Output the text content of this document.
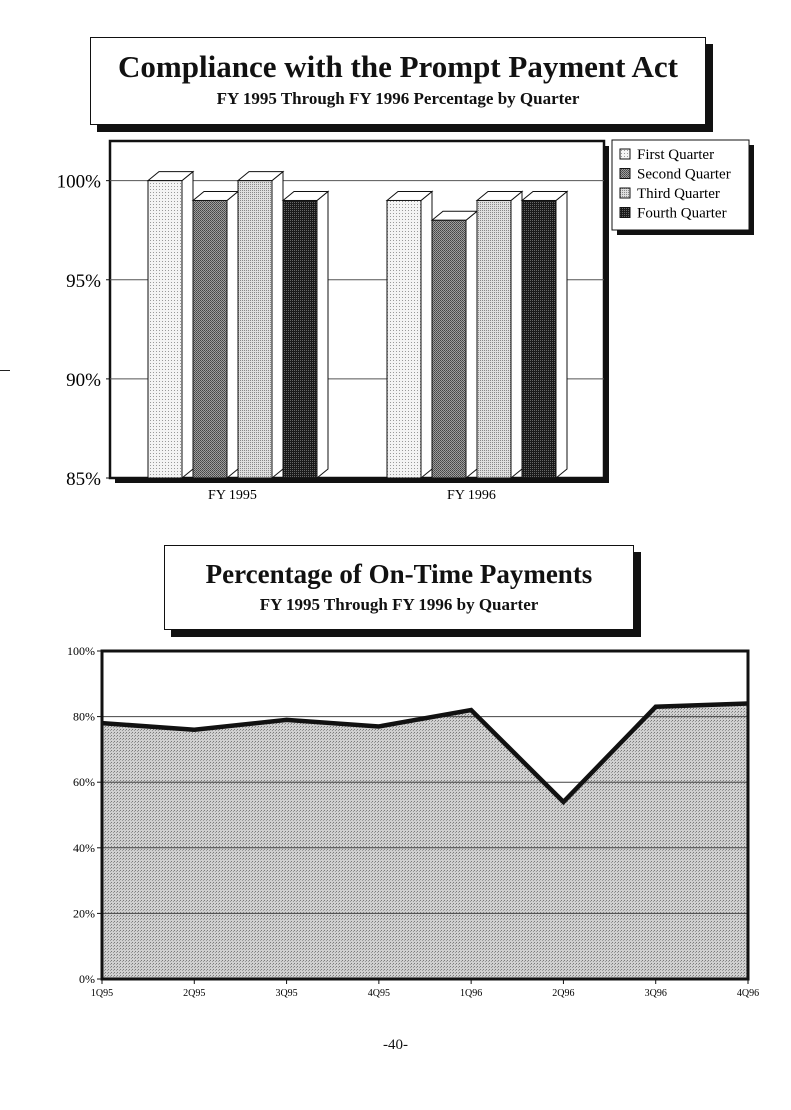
Compliance with the Prompt Payment Act
FY 1995 Through FY 1996 Percentage by Quarter
Percentage of On-Time Payments
FY 1995 Through FY 1996 by Quarter
85%
90%
95%
100%
FY 1995	FY 1996
First Quarter
Second Quarter
Third Quarter
Fourth Quarter
0%
20%
40%
60%
80%
100%
1Q95	2Q95	3Q95	4Q95	1Q96	2Q96	3Q96	4Q96
-40-
